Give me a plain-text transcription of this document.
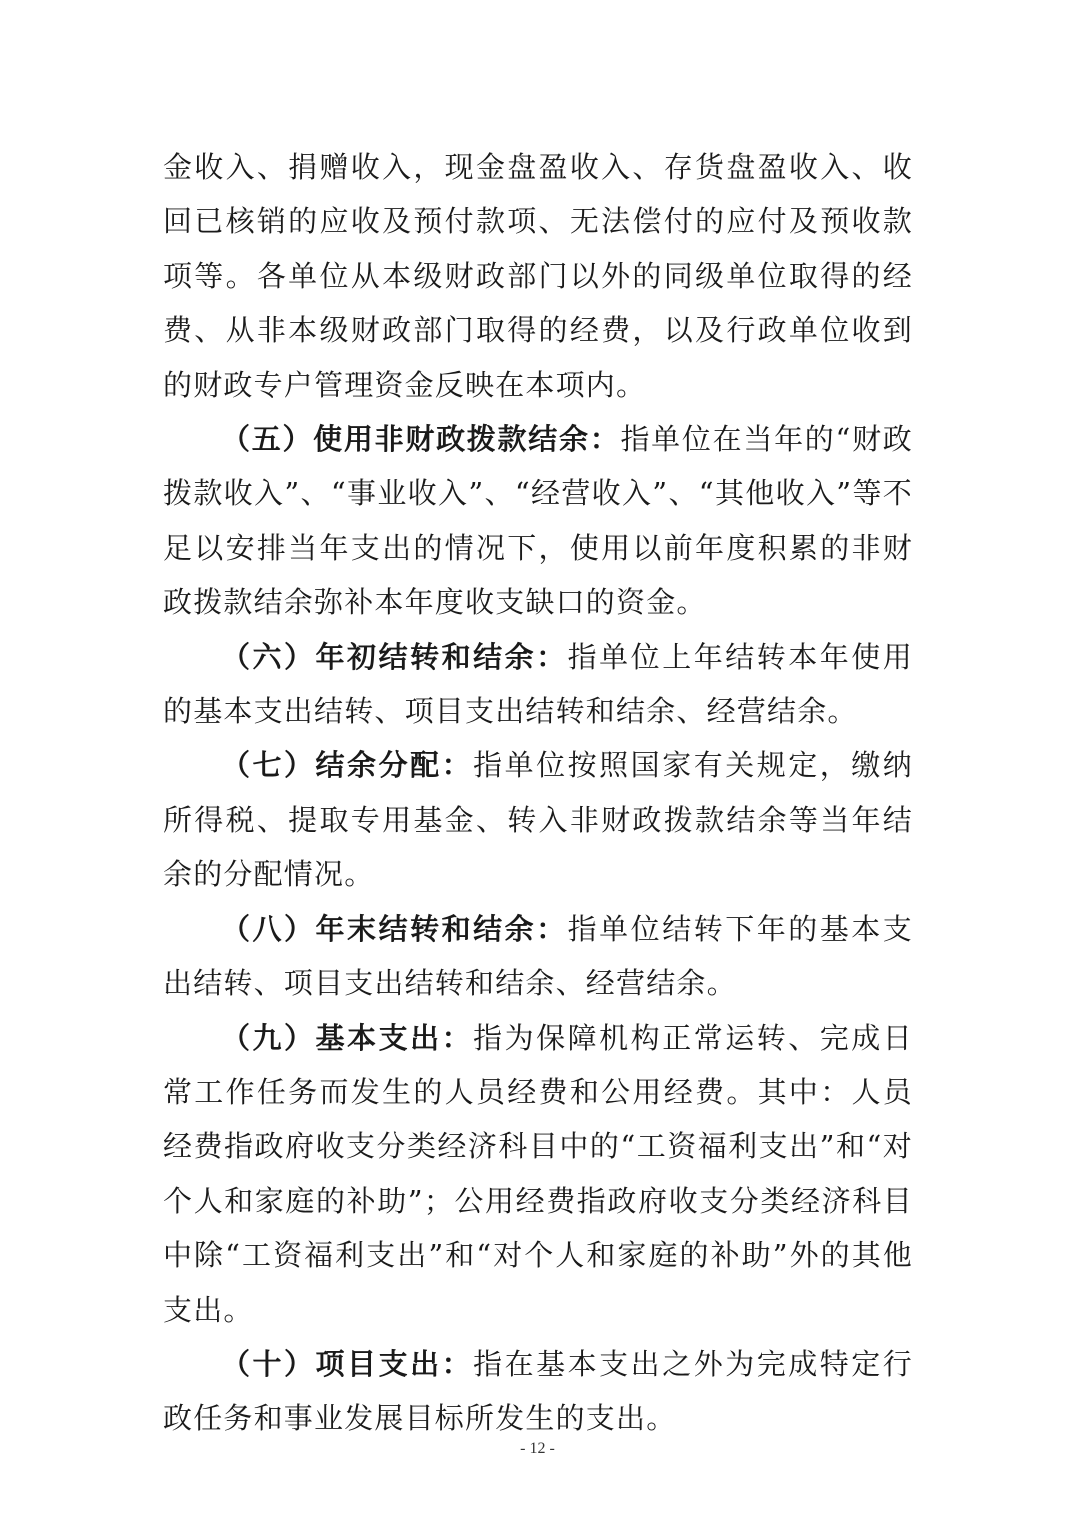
金收入、捐赠收入，现金盘盈收入、存货盘盈收入、收回已核销的应收及预付款项、无法偿付的应付及预收款项等。各单位从本级财政部门以外的同级单位取得的经费、从非本级财政部门取得的经费，以及行政单位收到的财政专户管理资金反映在本项内。

（五）使用非财政拨款结余：指单位在当年的“财政拨款收入”、“事业收入”、“经营收入”、“其他收入”等不足以安排当年支出的情况下，使用以前年度积累的非财政拨款结余弥补本年度收支缺口的资金。

（六）年初结转和结余：指单位上年结转本年使用的基本支出结转、项目支出结转和结余、经营结余。

（七）结余分配：指单位按照国家有关规定，缴纳所得税、提取专用基金、转入非财政拨款结余等当年结余的分配情况。

（八）年末结转和结余：指单位结转下年的基本支出结转、项目支出结转和结余、经营结余。

（九）基本支出：指为保障机构正常运转、完成日常工作任务而发生的人员经费和公用经费。其中：人员经费指政府收支分类经济科目中的“工资福利支出”和“对个人和家庭的补助”；公用经费指政府收支分类经济科目中除“工资福利支出”和“对个人和家庭的补助”外的其他支出。

（十）项目支出：指在基本支出之外为完成特定行政任务和事业发展目标所发生的支出。

- 12 -
